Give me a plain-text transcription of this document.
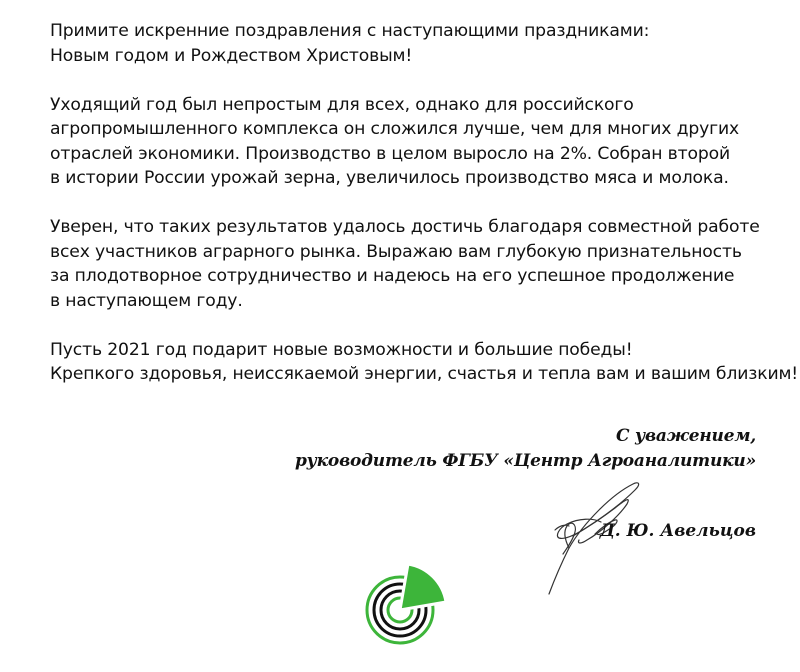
Примите искренние поздравления с наступающими праздниками:
Новым годом и Рождеством Христовым!

Уходящий год был непростым для всех, однако для российского
агропромышленного комплекса он сложился лучше, чем для многих других
отраслей экономики. Производство в целом выросло на 2%. Собран второй
в истории России урожай зерна, увеличилось производство мяса и молока.

Уверен, что таких результатов удалось достичь благодаря совместной работе
всех участников аграрного рынка. Выражаю вам глубокую признательность
за плодотворное сотрудничество и надеюсь на его успешное продолжение
в наступающем году.

Пусть 2021 год подарит новые возможности и большие победы!
Крепкого здоровья, неиссякаемой энергии, счастья и тепла вам и вашим близким!

С уважением,
руководитель ФГБУ «Центр Агроаналитики»
Д. Ю. Авельцов
